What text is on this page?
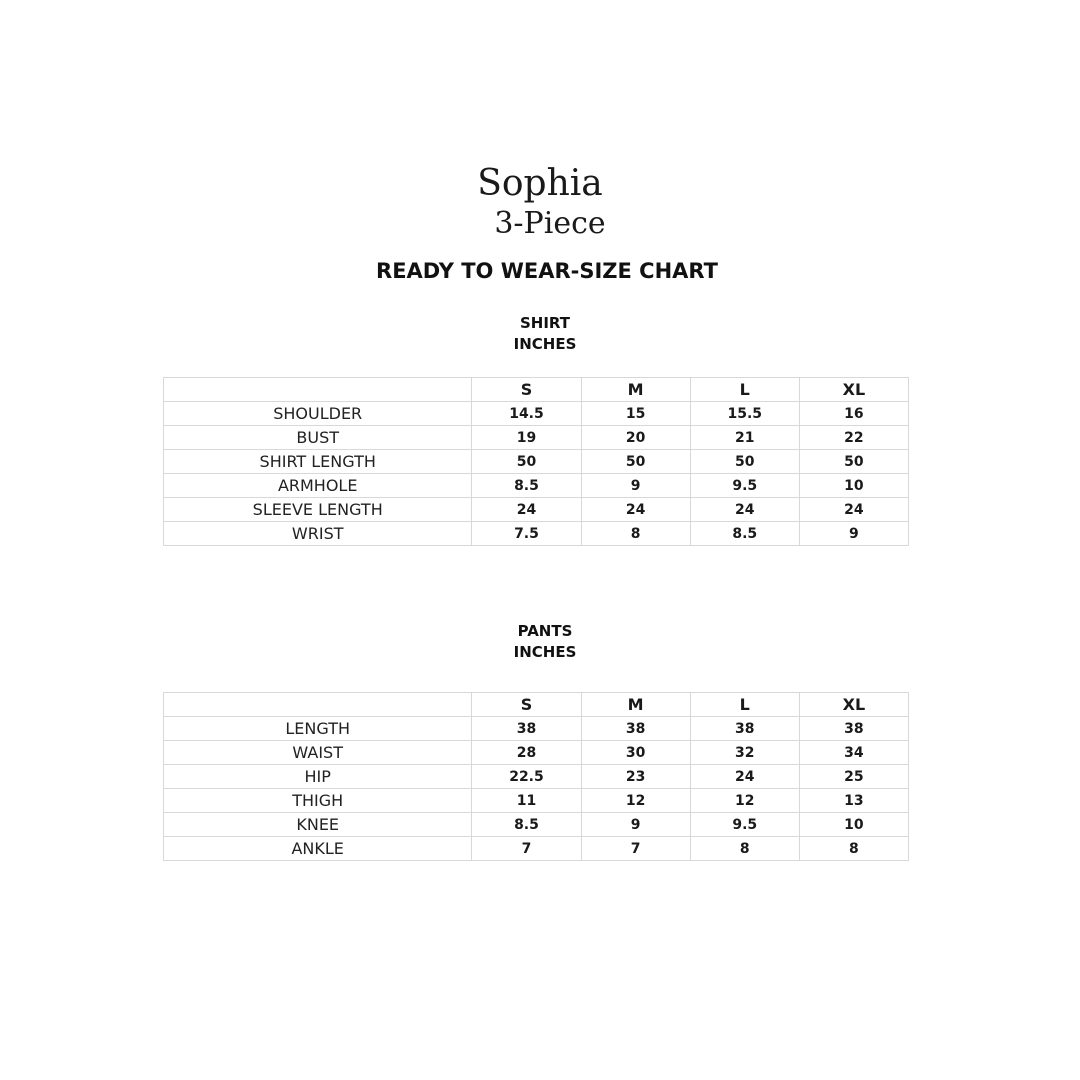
Sophia
3-Piece
READY TO WEAR-SIZE CHART
SHIRT
INCHES
	S	M	L	XL
SHOULDER	14.5	15	15.5	16
BUST	19	20	21	22
SHIRT LENGTH	50	50	50	50
ARMHOLE	8.5	9	9.5	10
SLEEVE LENGTH	24	24	24	24
WRIST	7.5	8	8.5	9
PANTS
INCHES
	S	M	L	XL
LENGTH	38	38	38	38
WAIST	28	30	32	34
HIP	22.5	23	24	25
THIGH	11	12	12	13
KNEE	8.5	9	9.5	10
ANKLE	7	7	8	8
